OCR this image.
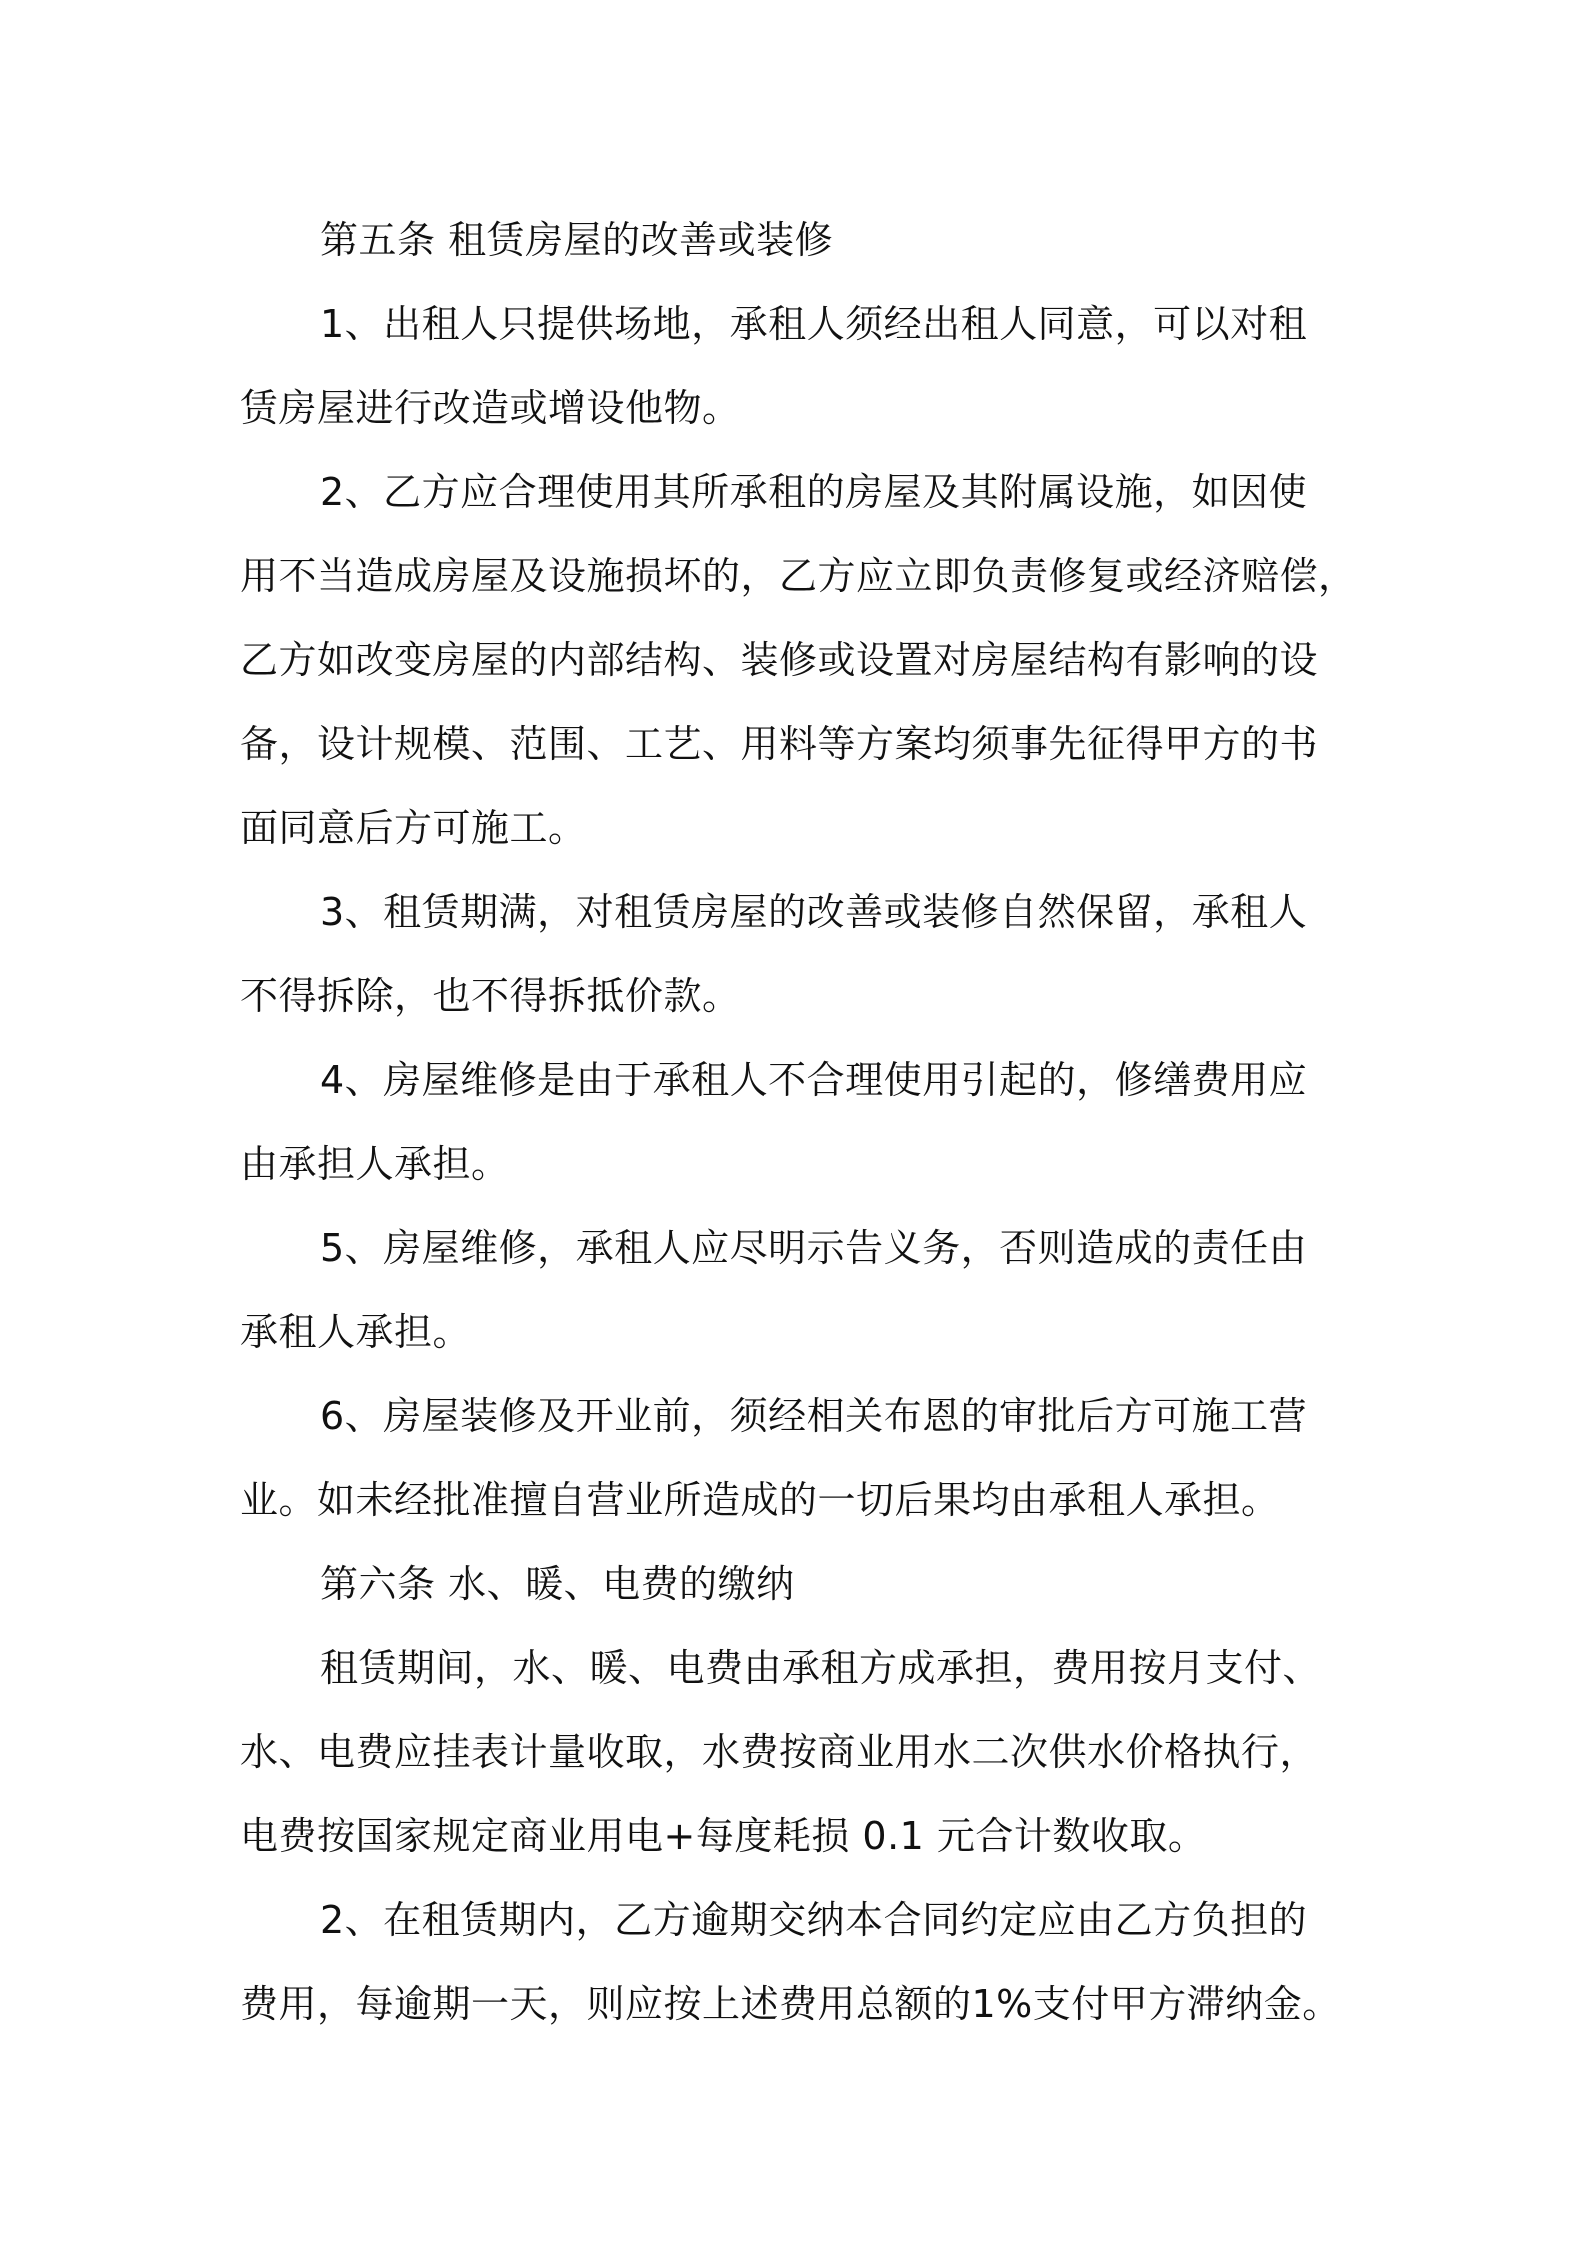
第五条 租赁房屋的改善或装修
1、出租人只提供场地，承租人须经出租人同意，可以对租
赁房屋进行改造或增设他物。
2、乙方应合理使用其所承租的房屋及其附属设施，如因使
用不当造成房屋及设施损坏的，乙方应立即负责修复或经济赔偿，
乙方如改变房屋的内部结构、装修或设置对房屋结构有影响的设
备，设计规模、范围、工艺、用料等方案均须事先征得甲方的书
面同意后方可施工。
3、租赁期满，对租赁房屋的改善或装修自然保留，承租人
不得拆除，也不得拆抵价款。
4、房屋维修是由于承租人不合理使用引起的，修缮费用应
由承担人承担。
5、房屋维修，承租人应尽明示告义务，否则造成的责任由
承租人承担。
6、房屋装修及开业前，须经相关布恩的审批后方可施工营
业。如未经批准擅自营业所造成的一切后果均由承租人承担。
第六条 水、暖、电费的缴纳
租赁期间，水、暖、电费由承租方成承担，费用按月支付、
水、电费应挂表计量收取，水费按商业用水二次供水价格执行，
电费按国家规定商业用电+每度耗损 0.1 元合计数收取。
2、在租赁期内，乙方逾期交纳本合同约定应由乙方负担的
费用，每逾期一天，则应按上述费用总额的1%支付甲方滞纳金。
